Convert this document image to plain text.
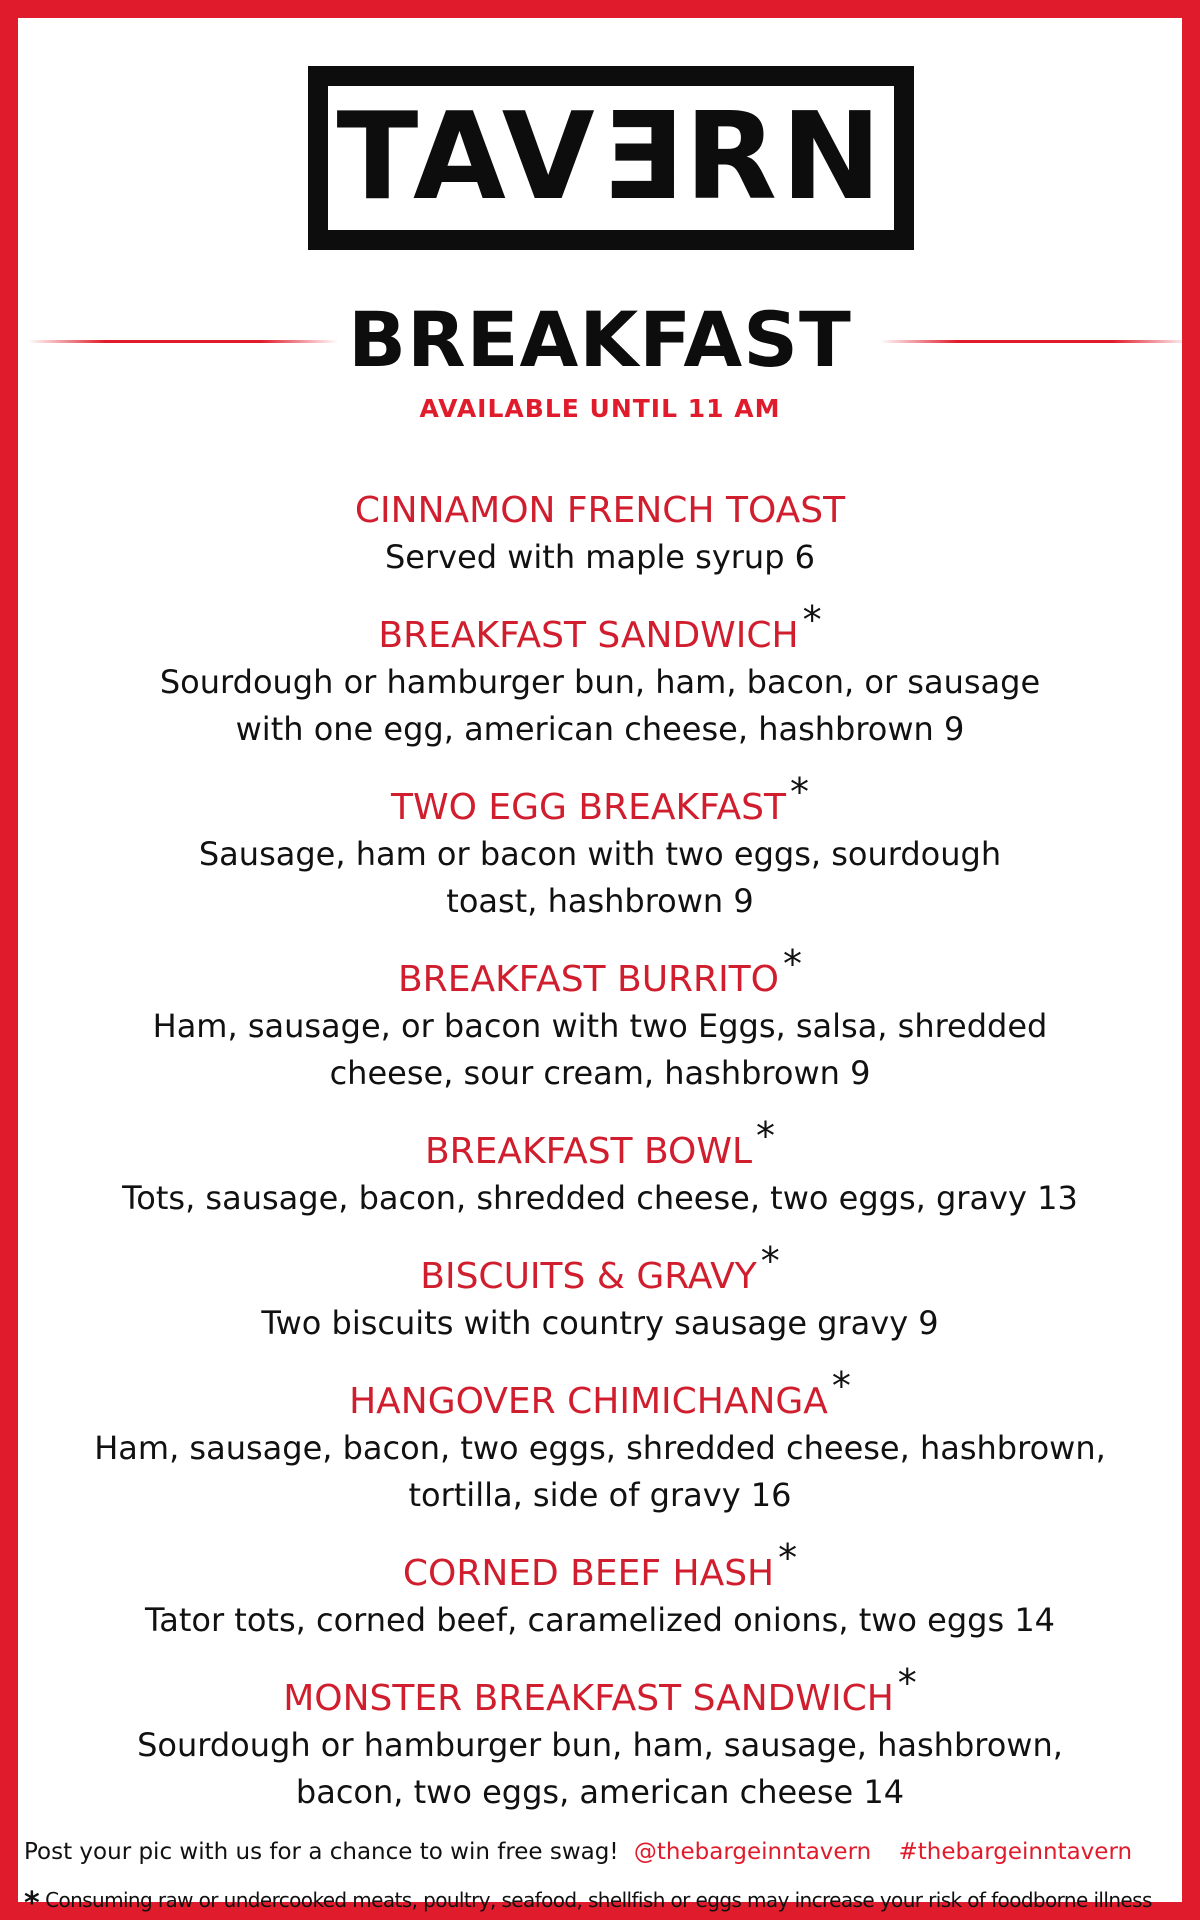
TAVERN
BREAKFAST
AVAILABLE UNTIL 11 AM
CINNAMON FRENCH TOAST
Served with maple syrup 6
BREAKFAST SANDWICH *
Sourdough or hamburger bun, ham, bacon, or sausage
with one egg, american cheese, hashbrown 9
TWO EGG BREAKFAST *
Sausage, ham or bacon with two eggs, sourdough
toast, hashbrown 9
BREAKFAST BURRITO *
Ham, sausage, or bacon with two Eggs, salsa, shredded
cheese, sour cream, hashbrown 9
BREAKFAST BOWL *
Tots, sausage, bacon, shredded cheese, two eggs, gravy 13
BISCUITS & GRAVY *
Two biscuits with country sausage gravy 9
HANGOVER CHIMICHANGA *
Ham, sausage, bacon, two eggs, shredded cheese, hashbrown,
tortilla, side of gravy 16
CORNED BEEF HASH *
Tator tots, corned beef, caramelized onions, two eggs 14
MONSTER BREAKFAST SANDWICH *
Sourdough or hamburger bun, ham, sausage, hashbrown,
bacon, two eggs, american cheese 14
Post your pic with us for a chance to win free swag! @thebargeinntavern #thebargeinntavern
* Consuming raw or undercooked meats, poultry, seafood, shellfish or eggs may increase your risk of foodborne illness
